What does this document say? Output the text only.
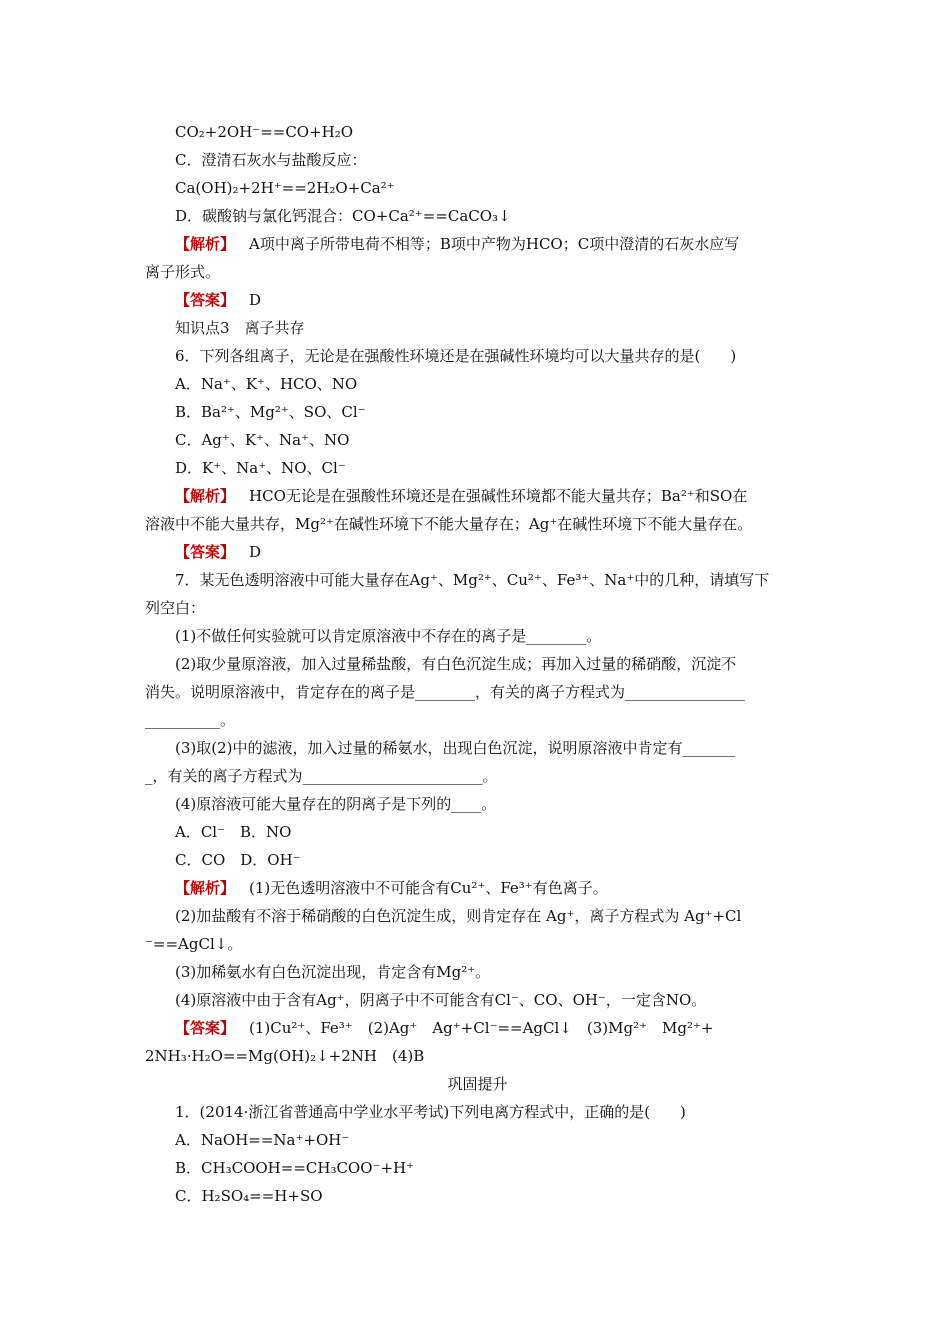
CO₂+2OH⁻==CO+H₂O
C．澄清石灰水与盐酸反应：
Ca(OH)₂+2H⁺==2H₂O+Ca²⁺
D．碳酸钠与氯化钙混合：CO+Ca²⁺==CaCO₃↓
【解析】 A项中离子所带电荷不相等；B项中产物为HCO；C项中澄清的石灰水应写
离子形式。
【答案】 D
知识点3　离子共存
6．下列各组离子，无论是在强酸性环境还是在强碱性环境均可以大量共存的是(　　)
A．Na⁺、K⁺、HCO、NO
B．Ba²⁺、Mg²⁺、SO、Cl⁻
C．Ag⁺、K⁺、Na⁺、NO
D．K⁺、Na⁺、NO、Cl⁻
【解析】 HCO无论是在强酸性环境还是在强碱性环境都不能大量共存；Ba²⁺和SO在
溶液中不能大量共存，Mg²⁺在碱性环境下不能大量存在；Ag⁺在碱性环境下不能大量存在。
【答案】 D
7．某无色透明溶液中可能大量存在Ag⁺、Mg²⁺、Cu²⁺、Fe³⁺、Na⁺中的几种，请填写下
列空白：
(1)不做任何实验就可以肯定原溶液中不存在的离子是________。
(2)取少量原溶液，加入过量稀盐酸，有白色沉淀生成；再加入过量的稀硝酸，沉淀不
消失。说明原溶液中，肯定存在的离子是________，有关的离子方程式为________________
__________。
(3)取(2)中的滤液，加入过量的稀氨水，出现白色沉淀，说明原溶液中肯定有_______
_，有关的离子方程式为________________________。
(4)原溶液可能大量存在的阴离子是下列的____。
A．Cl⁻　B．NO
C．CO　D．OH⁻
【解析】 (1)无色透明溶液中不可能含有Cu²⁺、Fe³⁺有色离子。
(2)加盐酸有不溶于稀硝酸的白色沉淀生成，则肯定存在 Ag⁺，离子方程式为 Ag⁺+Cl
⁻==AgCl↓。
(3)加稀氨水有白色沉淀出现，肯定含有Mg²⁺。
(4)原溶液中由于含有Ag⁺，阴离子中不可能含有Cl⁻、CO、OH⁻，一定含NO。
【答案】 (1)Cu²⁺、Fe³⁺　(2)Ag⁺　Ag⁺+Cl⁻==AgCl↓　(3)Mg²⁺　Mg²⁺+
2NH₃·H₂O==Mg(OH)₂↓+2NH　(4)B
巩固提升
1．(2014·浙江省普通高中学业水平考试)下列电离方程式中，正确的是(　　)
A．NaOH==Na⁺+OH⁻
B．CH₃COOH==CH₃COO⁻+H⁺
C．H₂SO₄==H+SO
